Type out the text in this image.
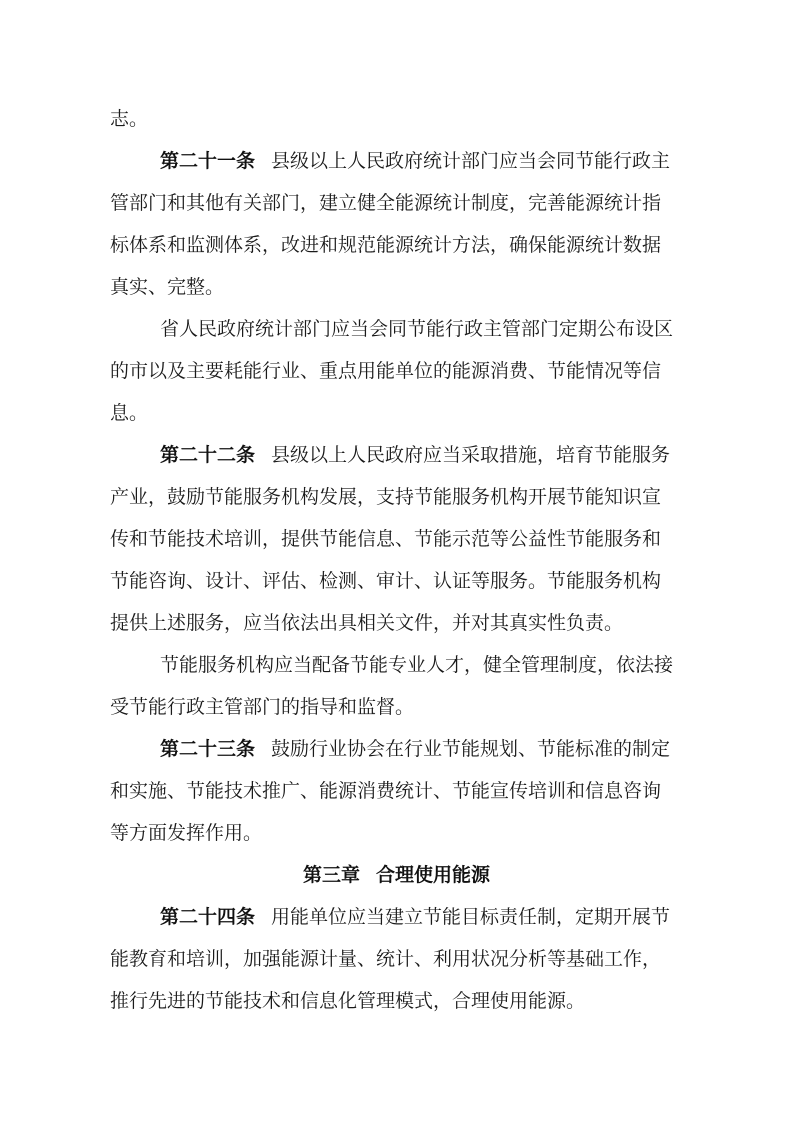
志。
第二十一条 县级以上人民政府统计部门应当会同节能行政主
管部门和其他有关部门，建立健全能源统计制度，完善能源统计指
标体系和监测体系，改进和规范能源统计方法，确保能源统计数据
真实、完整。
省人民政府统计部门应当会同节能行政主管部门定期公布设区
的市以及主要耗能行业、重点用能单位的能源消费、节能情况等信
息。
第二十二条 县级以上人民政府应当采取措施，培育节能服务
产业，鼓励节能服务机构发展，支持节能服务机构开展节能知识宣
传和节能技术培训，提供节能信息、节能示范等公益性节能服务和
节能咨询、设计、评估、检测、审计、认证等服务。节能服务机构
提供上述服务，应当依法出具相关文件，并对其真实性负责。
节能服务机构应当配备节能专业人才，健全管理制度，依法接
受节能行政主管部门的指导和监督。
第二十三条 鼓励行业协会在行业节能规划、节能标准的制定
和实施、节能技术推广、能源消费统计、节能宣传培训和信息咨询
等方面发挥作用。
第三章 合理使用能源
第二十四条 用能单位应当建立节能目标责任制，定期开展节
能教育和培训，加强能源计量、统计、利用状况分析等基础工作，
推行先进的节能技术和信息化管理模式，合理使用能源。
